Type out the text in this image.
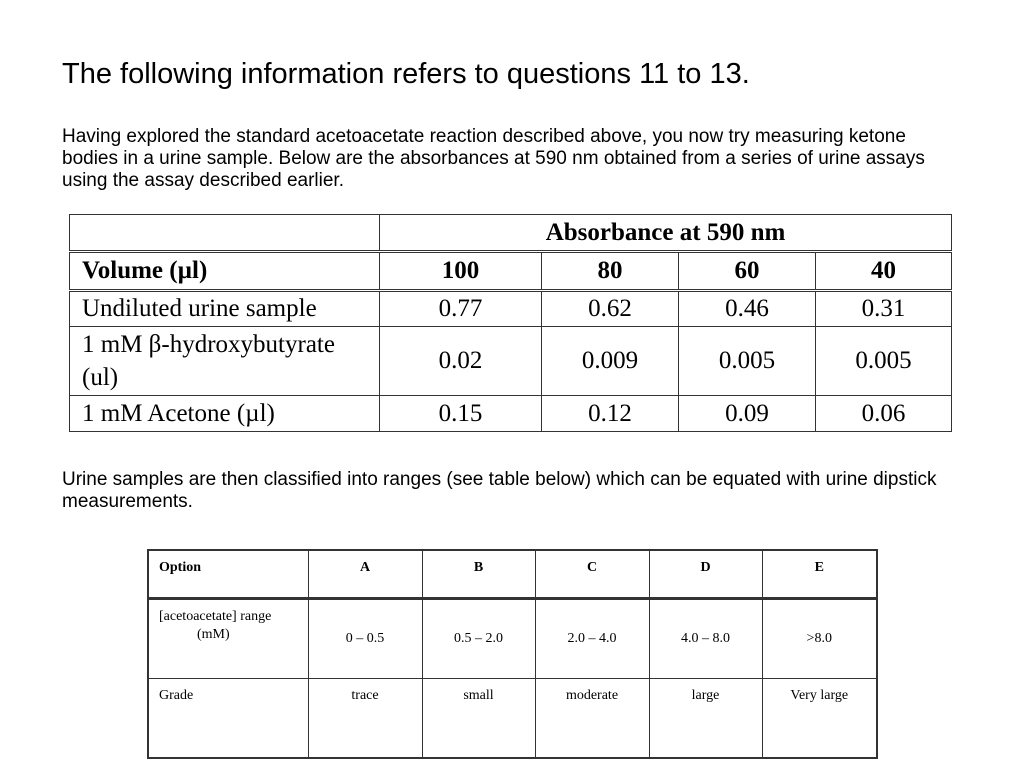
The following information refers to questions 11 to 13.
Having explored the standard acetoacetate reaction described above, you now try measuring ketone bodies in a urine sample. Below are the absorbances at 590 nm obtained from a series of urine assays using the assay described earlier.
	Absorbance at 590 nm			
Volume (µl)	100	80	60	40
Undiluted urine sample	0.77	0.62	0.46	0.31
1 mM β-hydroxybutyrate (ul)	0.02	0.009	0.005	0.005
1 mM Acetone (µl)	0.15	0.12	0.09	0.06
Urine samples are then classified into ranges (see table below) which can be equated with urine dipstick measurements.
Option	A	B	C	D	E
[acetoacetate] range
(mM)	0 – 0.5	0.5 – 2.0	2.0 – 4.0	4.0 – 8.0	>8.0
Grade	trace	small	moderate	large	Very large
